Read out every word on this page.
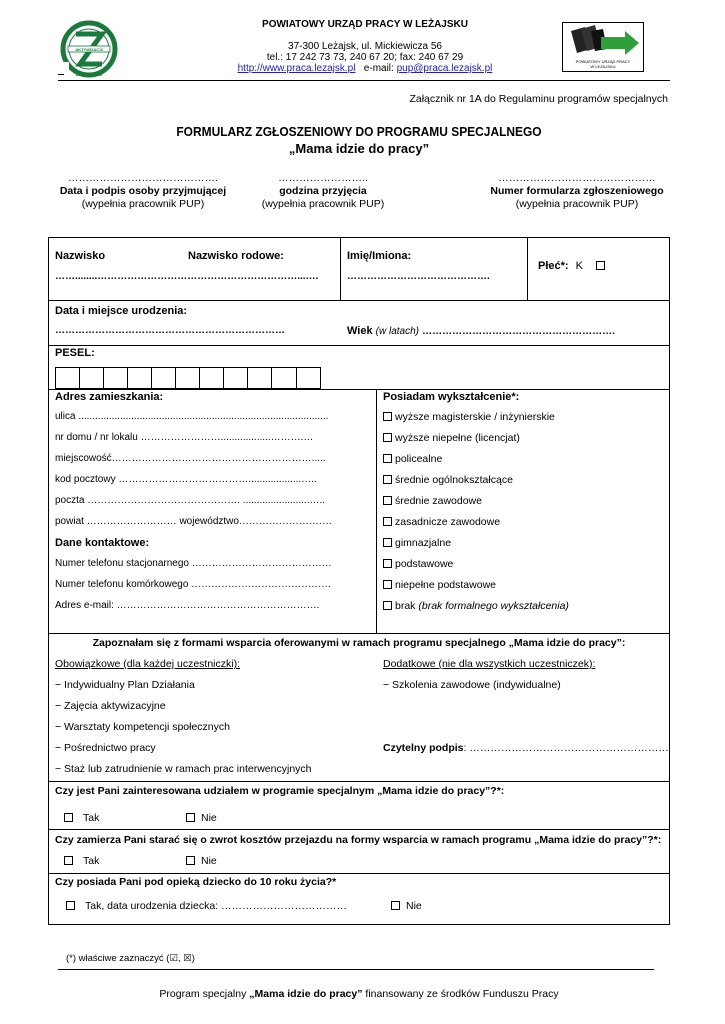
CENTRUM
AKTYWIZACJI
ZAWODOWEJ
POWIATOWY URZĄD PRACY W LEŻAJSKU
37-300 Leżajsk, ul. Mickiewicza 56
tel.: 17 242 73 73, 240 67 20; fax: 240 67 29
http://www.praca.lezajsk.pl e-mail: pup@praca.lezajsk.pl
POWIATOWY URZĄD PRACY
W LEŻAJSKU
Załącznik nr 1A do Regulaminu programów specjalnych
FORMULARZ ZGŁOSZENIOWY DO PROGRAMU SPECJALNEGO
„Mama idzie do pracy”
…………………………………….
Data i podpis osoby przyjmującej
(wypełnia pracownik PUP)
……………………..
godzina przyjęcia
(wypełnia pracownik PUP)
………………………………………
Numer formularza zgłoszeniowego
(wypełnia pracownik PUP)
Nazwisko	Nazwisko rodowe:
……........……………………………………………………...….
Imię/Imiona:
…………………………………….
Płeć*: K
Data i miejsce urodzenia:
……………………………………………………………	Wiek (w latach) ………………………………………………….
PESEL:
Adres zamieszkania:
ulica ..........................................................................................
nr domu / nr lokalu ……………………..................……….…
miejscowość…………………………………………………….....
kod pocztowy …………………………………...................…..
poczta ………………………………………. ........................…..
powiat ……………………… województwo……………………….
Dane kontaktowe:
Numer telefonu stacjonarnego ……………………………………
Numer telefonu komórkowego ……………………………………
Adres e-mail: …………………………………………………….
Posiadam wykształcenie*:
wyższe magisterskie / inżynierskie
wyższe niepełne (licencjat)
policealne
średnie ogólnokształcące
średnie zawodowe
zasadnicze zawodowe
gimnazjalne
podstawowe
niepełne podstawowe
brak (brak formalnego wykształcenia)
Zapoznałam się z formami wsparcia oferowanymi w ramach programu specjalnego „Mama idzie do pracy”:
Obowiązkowe (dla każdej uczestniczki):
− Indywidualny Plan Działania
− Zajęcia aktywizacyjne
− Warsztaty kompetencji społecznych
− Pośrednictwo pracy
− Staż lub zatrudnienie w ramach prac interwencyjnych
Dodatkowe (nie dla wszystkich uczestniczek):
− Szkolenia zawodowe (indywidualne)
Czytelny podpis: …………………………………………………
Czy jest Pani zainteresowana udziałem w programie specjalnym „Mama idzie do pracy”?*:
Tak	Nie
Czy zamierza Pani starać się o zwrot kosztów przejazdu na formy wsparcia w ramach programu „Mama idzie do pracy”?*:
Tak	Nie
Czy posiada Pani pod opieką dziecko do 10 roku życia?*
Tak, data urodzenia dziecka: ………………………………	Nie
(*) właściwe zaznaczyć (☑, ☒)
Program specjalny „Mama idzie do pracy” finansowany ze środków Funduszu Pracy
